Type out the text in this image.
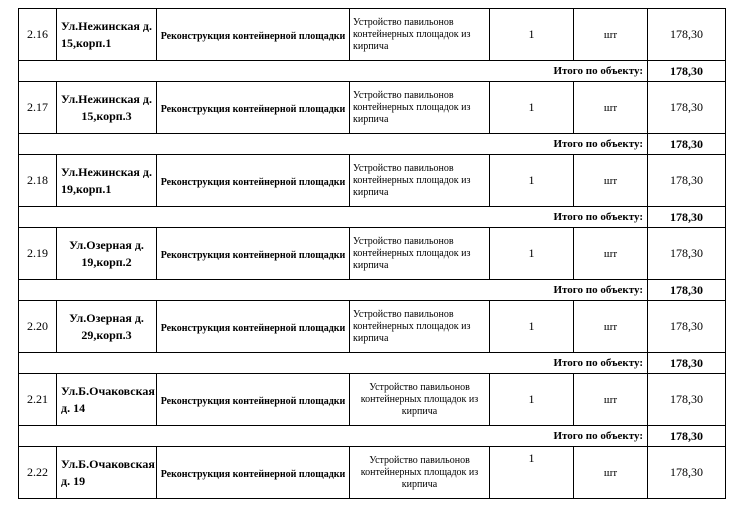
2.16	Ул.Нежинская д. 15,корп.1	Реконструкция контейнерной площадки	Устройство павильонов контейнерных площадок из кирпича	1	шт	178,30
Итого по объекту:						178,30
2.17	Ул.Нежинская д. 15,корп.3	Реконструкция контейнерной площадки	Устройство павильонов контейнерных площадок из кирпича	1	шт	178,30
Итого по объекту:						178,30
2.18	Ул.Нежинская д. 19,корп.1	Реконструкция контейнерной площадки	Устройство павильонов контейнерных площадок из кирпича	1	шт	178,30
Итого по объекту:						178,30
2.19	Ул.Озерная д. 19,корп.2	Реконструкция контейнерной площадки	Устройство павильонов контейнерных площадок из кирпича	1	шт	178,30
Итого по объекту:						178,30
2.20	Ул.Озерная д. 29,корп.3	Реконструкция контейнерной площадки	Устройство павильонов контейнерных площадок из кирпича	1	шт	178,30
Итого по объекту:						178,30
2.21	Ул.Б.Очаковская д. 14	Реконструкция контейнерной площадки	Устройство павильонов контейнерных площадок из кирпича	1	шт	178,30
Итого по объекту:						178,30
2.22	Ул.Б.Очаковская д. 19	Реконструкция контейнерной площадки	Устройство павильонов контейнерных площадок из кирпича	1	шт	178,30
